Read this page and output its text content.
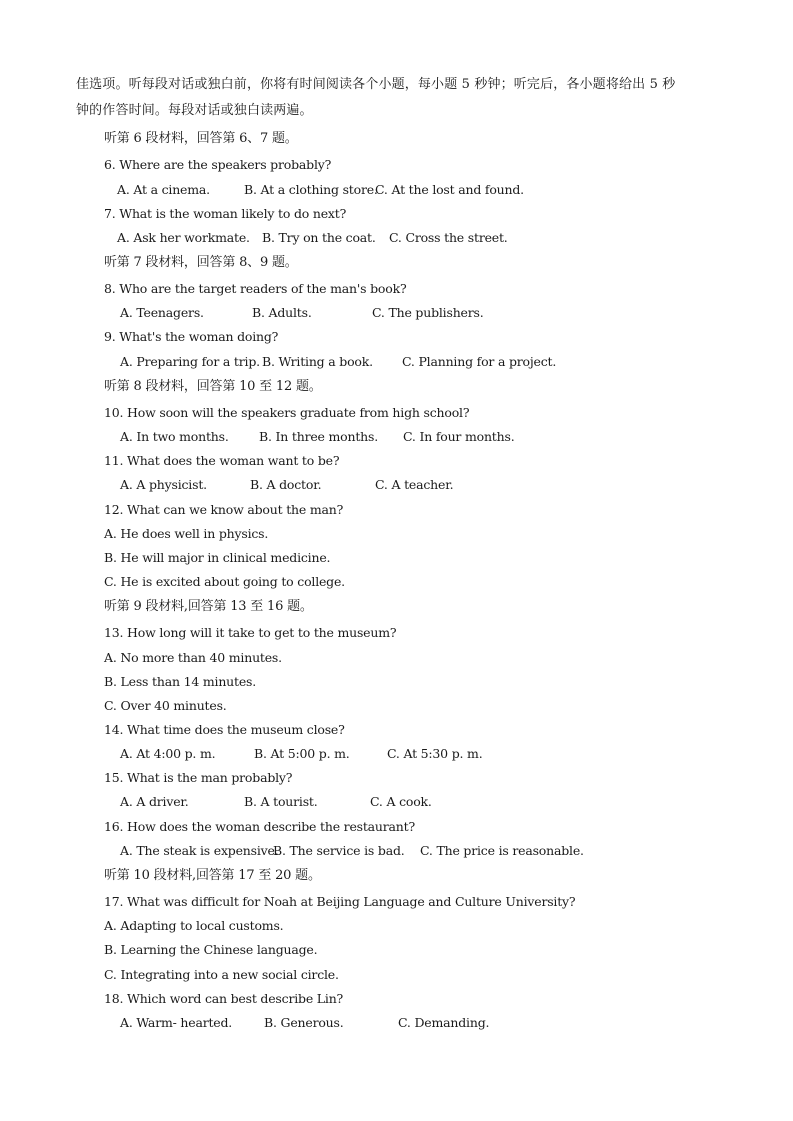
佳选项。听每段对话或独白前，你将有时间阅读各个小题，每小题 5 秒钟；听完后，各小题将给出 5 秒
钟的作答时间。每段对话或独白读两遍。
听第 6 段材料，回答第 6、7 题。
6. Where are the speakers probably?
A. At a cinema.	B. At a clothing store.
C. At the lost and found.
7. What is the woman likely to do next?
A. Ask her workmate. B. Try on the coat. C. Cross the street.
听第 7 段材料，回答第 8、9 题。
8. Who are the target readers of the man's book?
A. Teenagers.	B. Adults.	C. The publishers.
9. What's the woman doing?
A. Preparing for a trip. B. Writing a book. C. Planning for a project.
听第 8 段材料，回答第 10 至 12 题。
10. How soon will the speakers graduate from high school?
A. In two months. B. In three months. C. In four months.
11. What does the woman want to be?
A. A physicist.	B. A doctor.	C. A teacher.
12. What can we know about the man?
A. He does well in physics.
B. He will major in clinical medicine.
C. He is excited about going to college.
听第 9 段材料,回答第 13 至 16 题。
13. How long will it take to get to the museum?
A. No more than 40 minutes.
B. Less than 14 minutes.
C. Over 40 minutes.
14. What time does the museum close?
A. At 4:00 p. m.	B. At 5:00 p. m.	C. At 5:30 p. m.
15. What is the man probably?
A. A driver.	B. A tourist.	C. A cook.
16. How does the woman describe the restaurant?
A. The steak is expensive.
B. The service is bad. C. The price is reasonable.
听第 10 段材料,回答第 17 至 20 题。
17. What was difficult for Noah at Beijing Language and Culture University?
A. Adapting to local customs.
B. Learning the Chinese language.
C. Integrating into a new social circle.
18. Which word can best describe Lin?
A. Warm- hearted.	B. Generous.	C. Demanding.
